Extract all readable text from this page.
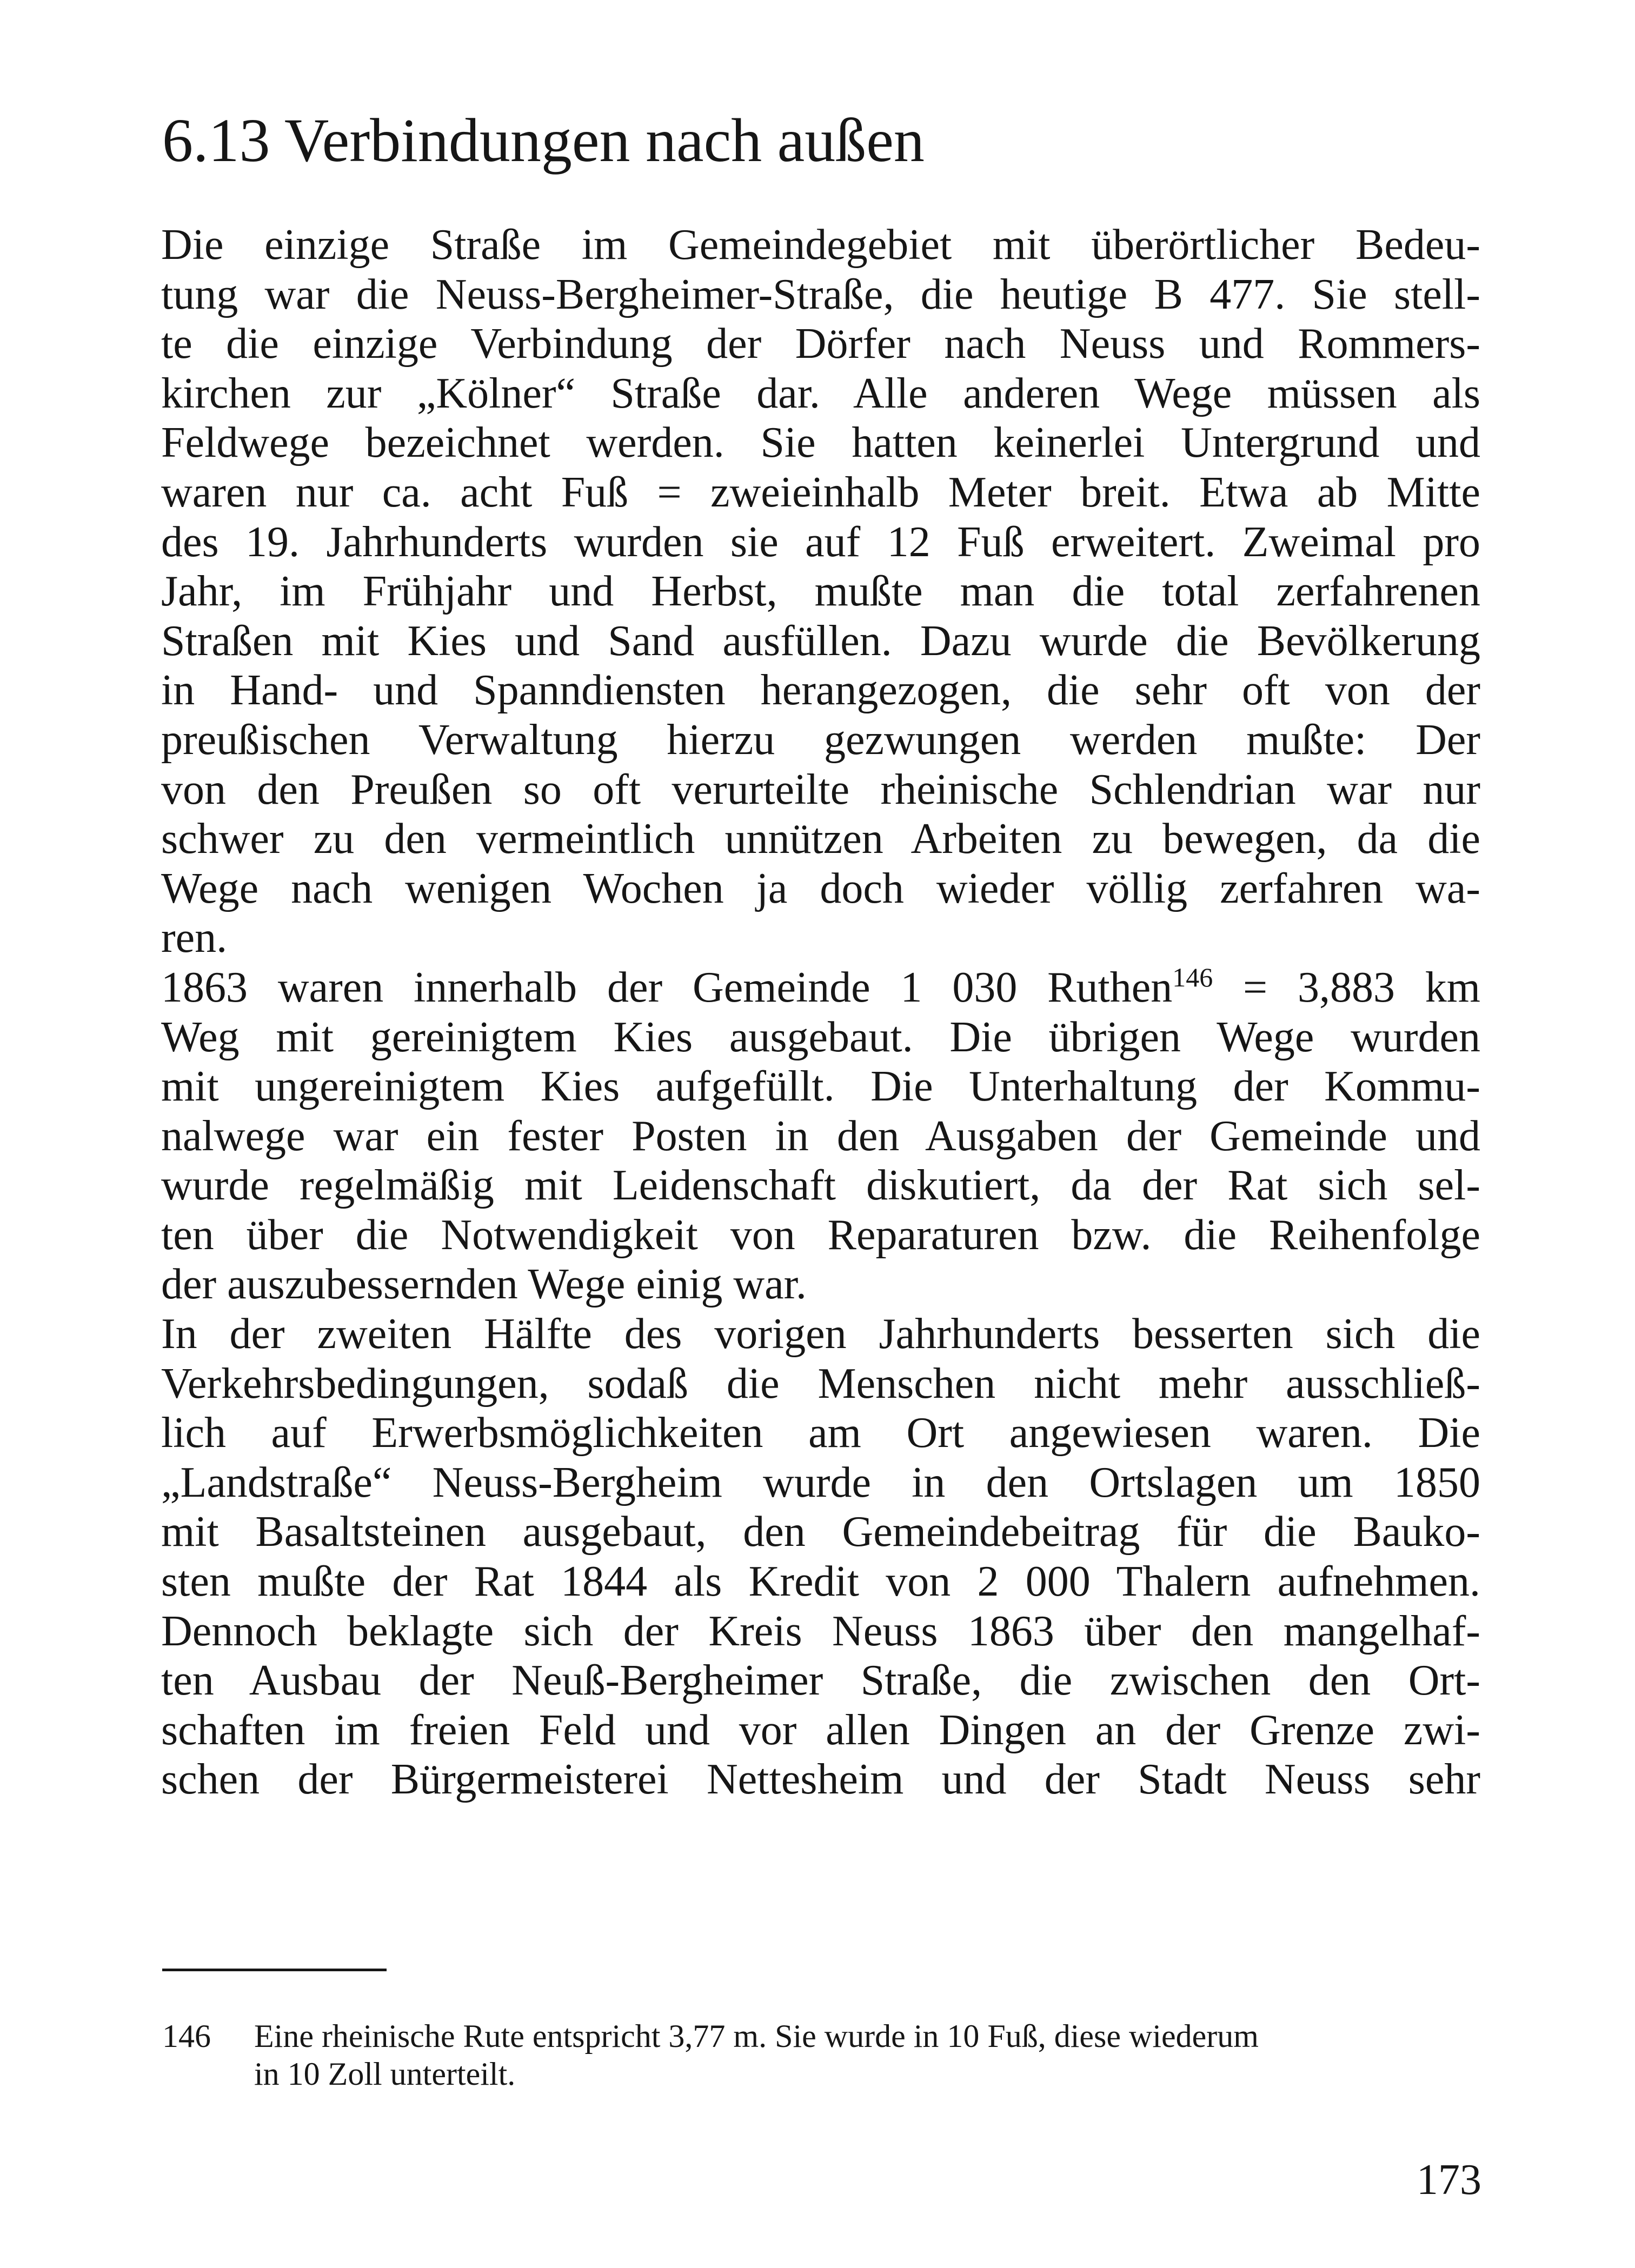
6.13 Verbindungen nach außen
Die einzige Straße im Gemeindegebiet mit überörtlicher Bedeu-
tung war die Neuss-Bergheimer-Straße, die heutige B 477. Sie stell-
te die einzige Verbindung der Dörfer nach Neuss und Rommers-
kirchen zur „Kölner“ Straße dar. Alle anderen Wege müssen als
Feldwege bezeichnet werden. Sie hatten keinerlei Untergrund und
waren nur ca. acht Fuß = zweieinhalb Meter breit. Etwa ab Mitte
des 19. Jahrhunderts wurden sie auf 12 Fuß erweitert. Zweimal pro
Jahr, im Frühjahr und Herbst, mußte man die total zerfahrenen
Straßen mit Kies und Sand ausfüllen. Dazu wurde die Bevölkerung
in Hand- und Spanndiensten herangezogen, die sehr oft von der
preußischen Verwaltung hierzu gezwungen werden mußte: Der
von den Preußen so oft verurteilte rheinische Schlendrian war nur
schwer zu den vermeintlich unnützen Arbeiten zu bewegen, da die
Wege nach wenigen Wochen ja doch wieder völlig zerfahren wa-
ren.
1863 waren innerhalb der Gemeinde 1 030 Ruthen$^{146}$ = 3,883 km
Weg mit gereinigtem Kies ausgebaut. Die übrigen Wege wurden
mit ungereinigtem Kies aufgefüllt. Die Unterhaltung der Kommu-
nalwege war ein fester Posten in den Ausgaben der Gemeinde und
wurde regelmäßig mit Leidenschaft diskutiert, da der Rat sich sel-
ten über die Notwendigkeit von Reparaturen bzw. die Reihenfolge
der auszubessernden Wege einig war.
In der zweiten Hälfte des vorigen Jahrhunderts besserten sich die
Verkehrsbedingungen, sodaß die Menschen nicht mehr ausschließ-
lich auf Erwerbsmöglichkeiten am Ort angewiesen waren. Die
„Landstraße“ Neuss-Bergheim wurde in den Ortslagen um 1850
mit Basaltsteinen ausgebaut, den Gemeindebeitrag für die Bauko-
sten mußte der Rat 1844 als Kredit von 2 000 Thalern aufnehmen.
Dennoch beklagte sich der Kreis Neuss 1863 über den mangelhaf-
ten Ausbau der Neuß-Bergheimer Straße, die zwischen den Ort-
schaften im freien Feld und vor allen Dingen an der Grenze zwi-
schen der Bürgermeisterei Nettesheim und der Stadt Neuss sehr
146 Eine rheinische Rute entspricht 3,77 m. Sie wurde in 10 Fuß, diese wiederum
in 10 Zoll unterteilt.
173
